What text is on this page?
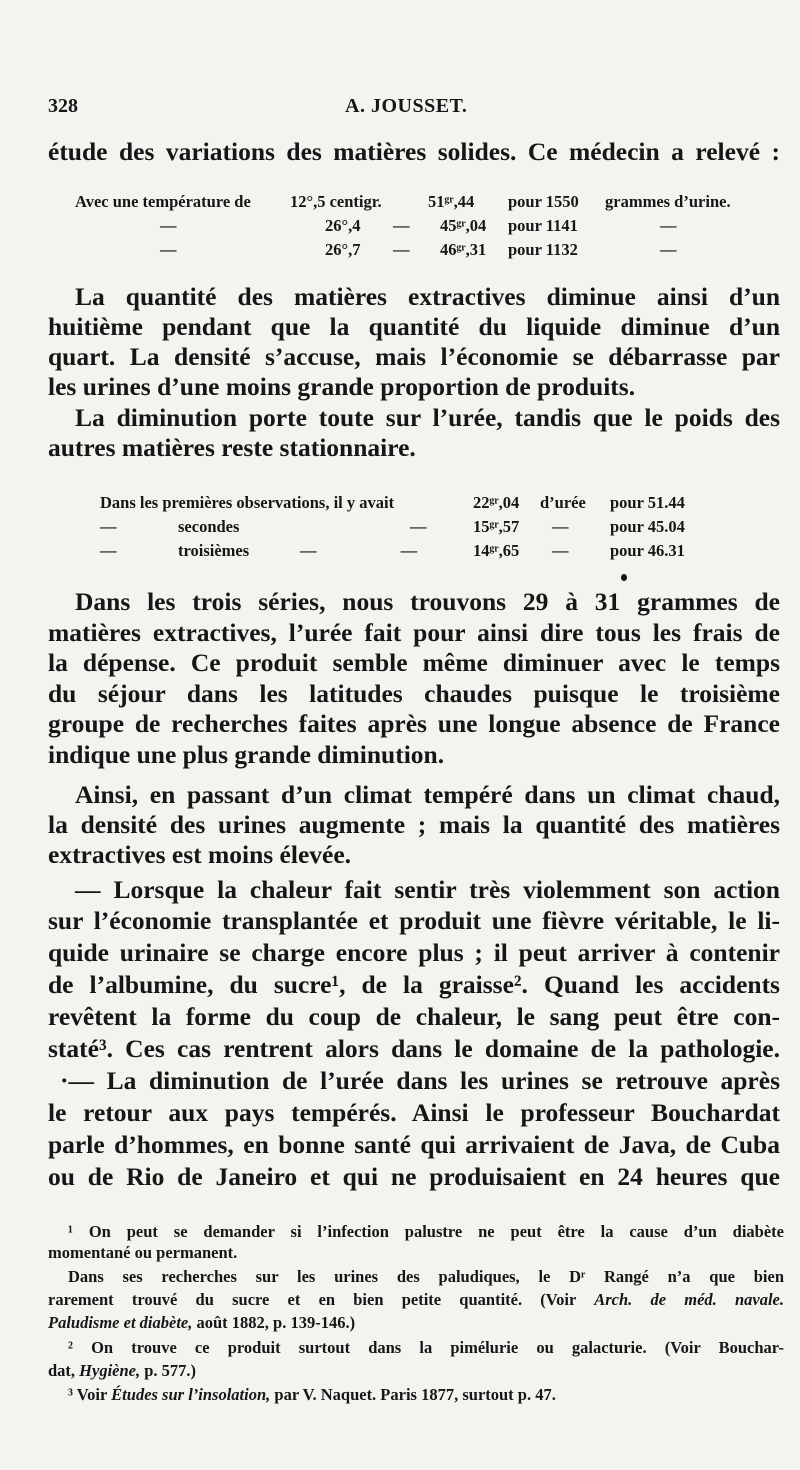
328	A. JOUSSET.
étude des variations des matières solides. Ce médecin a relevé :
Avec une température de 12°,5 centigr.	51ᵍʳ,44 pour 1550 grammes d’urine.
—	26°,4 — 45ᵍʳ,04 pour 1141	—
—	26°,7 — 46ᵍʳ,31 pour 1132	—
La quantité des matières extractives diminue ainsi d’un
huitième pendant que la quantité du liquide diminue d’un
quart. La densité s’accuse, mais l’économie se débarrasse par
les urines d’une moins grande proportion de produits.
La diminution porte toute sur l’urée, tandis que le poids des
autres matières reste stationnaire.
Dans les premières observations, il y avait	22ᵍʳ,04 d’urée pour 51.44
—	secondes	—	15ᵍʳ,57 —	pour 45.04
—	troisièmes	— —	14ᵍʳ,65 —	pour 46.31
Dans les trois séries, nous trouvons 29 à 31 grammes de
matières extractives, l’urée fait pour ainsi dire tous les frais de
la dépense. Ce produit semble même diminuer avec le temps
du séjour dans les latitudes chaudes puisque le troisième
groupe de recherches faites après une longue absence de France
indique une plus grande diminution.
Ainsi, en passant d’un climat tempéré dans un climat chaud,
la densité des urines augmente ; mais la quantité des matières
extractives est moins élevée.
— Lorsque la chaleur fait sentir très violemment son action
sur l’économie transplantée et produit une fièvre véritable, le li-
quide urinaire se charge encore plus ; il peut arriver à contenir
de l’albumine, du sucre¹, de la graisse². Quand les accidents
revêtent la forme du coup de chaleur, le sang peut être con-
staté³. Ces cas rentrent alors dans le domaine de la pathologie.
·— La diminution de l’urée dans les urines se retrouve après
le retour aux pays tempérés. Ainsi le professeur Bouchardat
parle d’hommes, en bonne santé qui arrivaient de Java, de Cuba
ou de Rio de Janeiro et qui ne produisaient en 24 heures que
¹ On peut se demander si l’infection palustre ne peut être la cause d’un diabète
momentané ou permanent.
Dans ses recherches sur les urines des paludiques, le Dʳ Rangé n’a que bien
rarement trouvé du sucre et en bien petite quantité. (Voir Arch. de méd. navale.
Paludisme et diabète, août 1882, p. 139-146.)
² On trouve ce produit surtout dans la pimélurie ou galacturie. (Voir Bouchar-
dat, Hygiène, p. 577.)
³ Voir Études sur l’insolation, par V. Naquet. Paris 1877, surtout p. 47.
